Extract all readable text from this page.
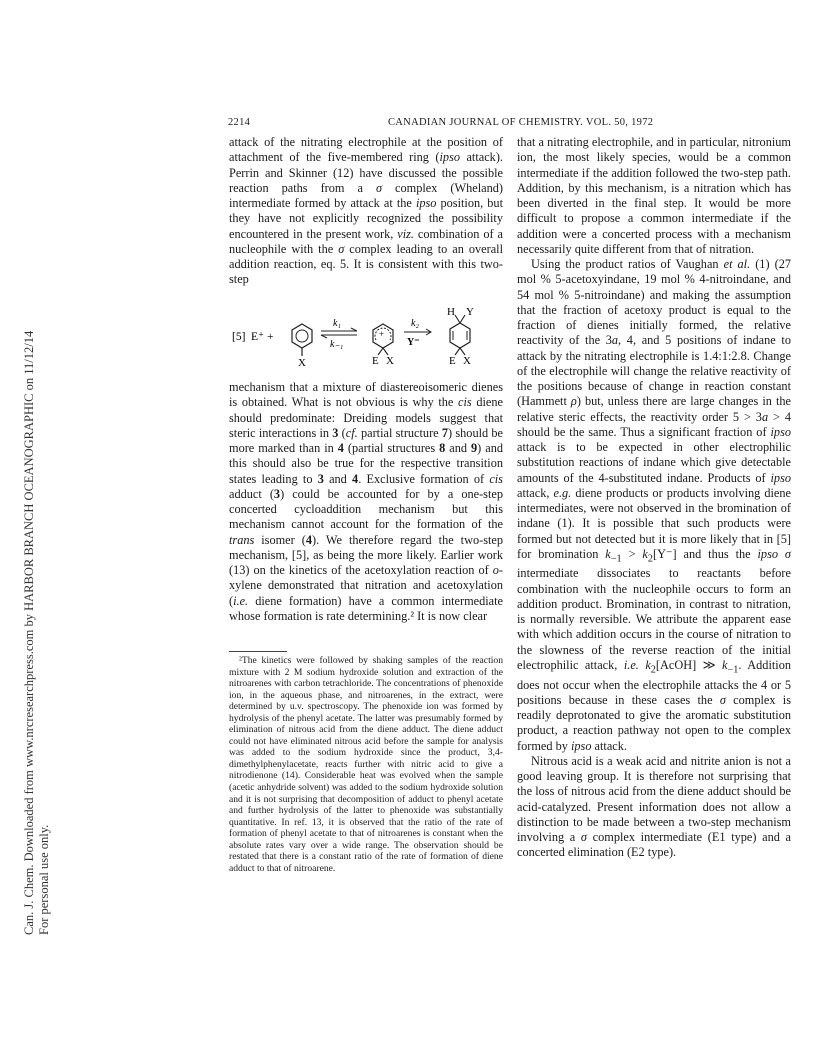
Can. J. Chem. Downloaded from www.nrcresearchpress.com by HARBOR BRANCH OCEANOGRAPHIC on 11/12/14 For personal use only.
2214	CANADIAN JOURNAL OF CHEMISTRY. VOL. 50, 1972

attack of the nitrating electrophile at the position of attachment of the five-membered ring (ipso attack). Perrin and Skinner (12) have discussed the possible reaction paths from a σ complex (Wheland) intermediate formed by attack at the ipso position, but they have not explicitly recognized the possibility encountered in the present work, viz. combination of a nucleophile with the σ complex leading to an overall addition reaction, eq. 5. It is consistent with this two-step

[5] E⁺ +
X
k₁
k₋₁
+
E X
k₂
Y⁻
H Y
E X

mechanism that a mixture of diastereoisomeric dienes is obtained. What is not obvious is why the cis diene should predominate: Dreiding models suggest that steric interactions in 3 (cf. partial structure 7) should be more marked than in 4 (partial structures 8 and 9) and this should also be true for the respective transition states leading to 3 and 4. Exclusive formation of cis adduct (3) could be accounted for by a one-step concerted cycloaddition mechanism but this mechanism cannot account for the formation of the trans isomer (4). We therefore regard the two-step mechanism, [5], as being the more likely. Earlier work (13) on the kinetics of the acetoxylation reaction of o-xylene demonstrated that nitration and acetoxylation (i.e. diene formation) have a common intermediate whose formation is rate determining.² It is now clear

²The kinetics were followed by shaking samples of the reaction mixture with 2 M sodium hydroxide solution and extraction of the nitroarenes with carbon tetrachloride. The concentrations of phenoxide ion, in the aqueous phase, and nitroarenes, in the extract, were determined by u.v. spectroscopy. The phenoxide ion was formed by hydrolysis of the phenyl acetate. The latter was presumably formed by elimination of nitrous acid from the diene adduct. The diene adduct could not have eliminated nitrous acid before the sample for analysis was added to the sodium hydroxide since the product, 3,4-dimethylphenylacetate, reacts further with nitric acid to give a nitrodienone (14). Considerable heat was evolved when the sample (acetic anhydride solvent) was added to the sodium hydroxide solution and it is not surprising that decomposition of adduct to phenyl acetate and further hydrolysis of the latter to phenoxide was substantially quantitative. In ref. 13, it is observed that the ratio of the rate of formation of phenyl acetate to that of nitroarenes is constant when the absolute rates vary over a wide range. The observation should be restated that there is a constant ratio of the rate of formation of diene adduct to that of nitroarene.

that a nitrating electrophile, and in particular, nitronium ion, the most likely species, would be a common intermediate if the addition followed the two-step path. Addition, by this mechanism, is a nitration which has been diverted in the final step. It would be more difficult to propose a common intermediate if the addition were a concerted process with a mechanism necessarily quite different from that of nitration.

Using the product ratios of Vaughan et al. (1) (27 mol % 5-acetoxyindane, 19 mol % 4-nitroindane, and 54 mol % 5-nitroindane) and making the assumption that the fraction of acetoxy product is equal to the fraction of dienes initially formed, the relative reactivity of the 3a, 4, and 5 positions of indane to attack by the nitrating electrophile is 1.4:1:2.8. Change of the electrophile will change the relative reactivity of the positions because of change in reaction constant (Hammett ρ) but, unless there are large changes in the relative steric effects, the reactivity order 5 > 3a > 4 should be the same. Thus a significant fraction of ipso attack is to be expected in other electrophilic substitution reactions of indane which give detectable amounts of the 4-substituted indane. Products of ipso attack, e.g. diene products or products involving diene intermediates, were not observed in the bromination of indane (1). It is possible that such products were formed but not detected but it is more likely that in [5] for bromination $k_{-1} > k_2[Y^-]$ and thus the ipso σ intermediate dissociates to reactants before combination with the nucleophile occurs to form an addition product. Bromination, in contrast to nitration, is normally reversible. We attribute the apparent ease with which addition occurs in the course of nitration to the slowness of the reverse reaction of the initial electrophilic attack, i.e. $k_2[AcOH]$ ≫ $k_{-1}$. Addition does not occur when the electrophile attacks the 4 or 5 positions because in these cases the σ complex is readily deprotonated to give the aromatic substitution product, a reaction pathway not open to the complex formed by ipso attack.

Nitrous acid is a weak acid and nitrite anion is not a good leaving group. It is therefore not surprising that the loss of nitrous acid from the diene adduct should be acid-catalyzed. Present information does not allow a distinction to be made between a two-step mechanism involving a σ complex intermediate (E1 type) and a concerted elimination (E2 type).
